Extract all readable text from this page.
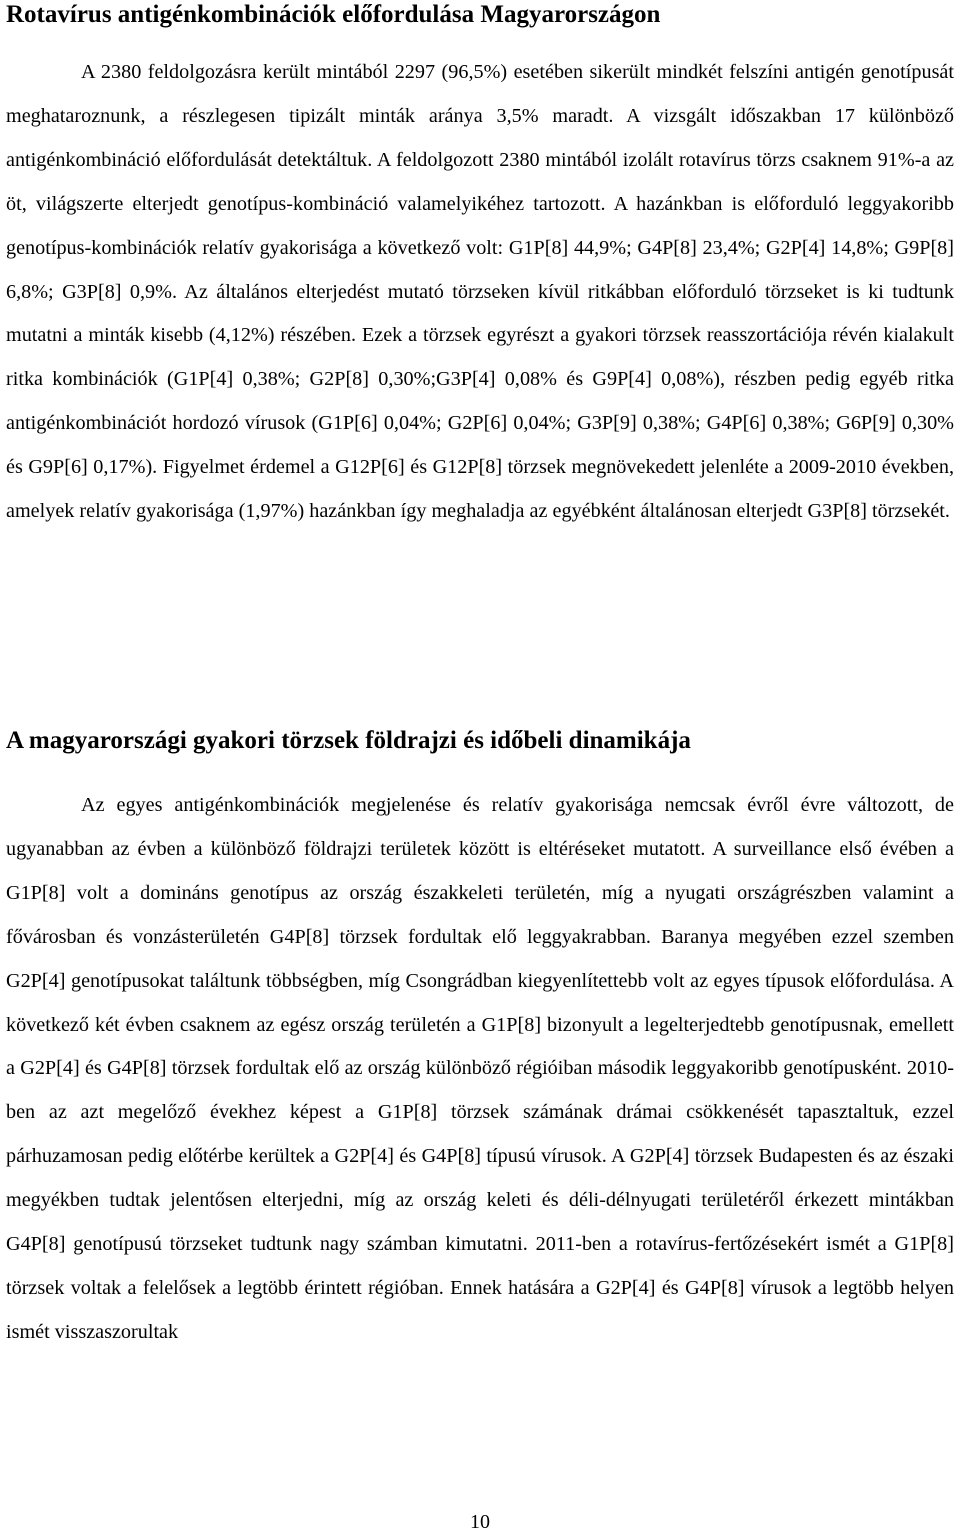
Rotavírus antigénkombinációk előfordulása Magyarországon

A 2380 feldolgozásra került mintából 2297 (96,5%) esetében sikerült mindkét felszíni antigén genotípusát meghataroznunk, a részlegesen tipizált minták aránya 3,5% maradt. A vizsgált időszakban 17 különböző antigénkombináció előfordulását detektáltuk. A feldolgozott 2380 mintából izolált rotavírus törzs csaknem 91%-a az öt, világszerte elterjedt genotípus-kombináció valamelyikéhez tartozott. A hazánkban is előforduló leggyakoribb genotípus-kombinációk relatív gyakorisága a következő volt: G1P[8] 44,9%; G4P[8] 23,4%; G2P[4] 14,8%; G9P[8] 6,8%; G3P[8] 0,9%. Az általános elterjedést mutató törzseken kívül ritkábban előforduló törzseket is ki tudtunk mutatni a minták kisebb (4,12%) részében. Ezek a törzsek egyrészt a gyakori törzsek reasszortációja révén kialakult ritka kombinációk (G1P[4] 0,38%; G2P[8] 0,30%;G3P[4] 0,08% és G9P[4] 0,08%), részben pedig egyéb ritka antigénkombinációt hordozó vírusok (G1P[6] 0,04%; G2P[6] 0,04%; G3P[9] 0,38%; G4P[6] 0,38%; G6P[9] 0,30% és G9P[6] 0,17%). Figyelmet érdemel a G12P[6] és G12P[8] törzsek megnövekedett jelenléte a 2009-2010 években, amelyek relatív gyakorisága (1,97%) hazánkban így meghaladja az egyébként általánosan elterjedt G3P[8] törzsekét.

A magyarországi gyakori törzsek földrajzi és időbeli dinamikája

Az egyes antigénkombinációk megjelenése és relatív gyakorisága nemcsak évről évre változott, de ugyanabban az évben a különböző földrajzi területek között is eltéréseket mutatott. A surveillance első évében a G1P[8] volt a domináns genotípus az ország északkeleti területén, míg a nyugati országrészben valamint a fővárosban és vonzásterületén G4P[8] törzsek fordultak elő leggyakrabban. Baranya megyében ezzel szemben G2P[4] genotípusokat találtunk többségben, míg Csongrádban kiegyenlítettebb volt az egyes típusok előfordulása. A következő két évben csaknem az egész ország területén a G1P[8] bizonyult a legelterjedtebb genotípusnak, emellett a G2P[4] és G4P[8] törzsek fordultak elő az ország különböző régióiban második leggyakoribb genotípusként. 2010-ben az azt megelőző évekhez képest a G1P[8] törzsek számának drámai csökkenését tapasztaltuk, ezzel párhuzamosan pedig előtérbe kerültek a G2P[4] és G4P[8] típusú vírusok. A G2P[4] törzsek Budapesten és az északi megyékben tudtak jelentősen elterjedni, míg az ország keleti és déli-délnyugati területéről érkezett mintákban G4P[8] genotípusú törzseket tudtunk nagy számban kimutatni. 2011-ben a rotavírus-fertőzésekért ismét a G1P[8] törzsek voltak a felelősek a legtöbb érintett régióban. Ennek hatására a G2P[4] és G4P[8] vírusok a legtöbb helyen ismét visszaszorultak

10
